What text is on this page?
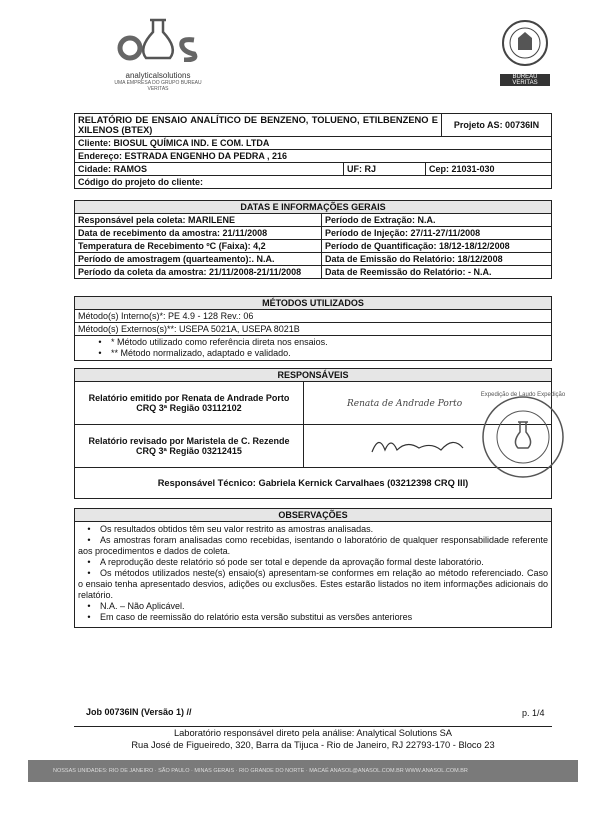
analyticalsolutions
UMA EMPRESA DO GRUPO BUREAU VERITAS
BUREAU
VERITAS
RELATÓRIO DE ENSAIO ANALÍTICO DE BENZENO, TOLUENO, ETILBENZENO E XILENOS (BTEX)	Projeto AS: 00736IN
Cliente: BIOSUL QUÍMICA IND. E COM. LTDA
Endereço: ESTRADA ENGENHO DA PEDRA , 216
Cidade: RAMOS	UF: RJ	Cep: 21031-030
Código do projeto do cliente:
DATAS E INFORMAÇÕES GERAIS	
Responsável pela coleta: MARILENE	Período de Extração: N.A.
Data de recebimento da amostra: 21/11/2008	Período de Injeção: 27/11-27/11/2008
Temperatura de Recebimento ºC (Faixa): 4,2	Período de Quantificação: 18/12-18/12/2008
Período de amostragem (quarteamento):. N.A.	Data de Emissão do Relatório: 18/12/2008
Período da coleta da amostra: 21/11/2008-21/11/2008	Data de Reemissão do Relatório: - N.A.
MÉTODOS UTILIZADOS
Método(s) Interno(s)*: PE 4.9 - 128 Rev.: 06
Método(s) Externos(s)**: USEPA 5021A, USEPA 8021B

• * Método utilizado como referência direta nos ensaios.
• ** Método normalizado, adaptado e validado.
RESPONSÁVEIS	

Relatório emitido por Renata de Andrade Porto
CRQ 3ª Região 03112102	Renata de Andrade Porto

Relatório revisado por Maristela de C. Rezende
CRQ 3ª Região 03212415

Responsável Técnico: Gabriela Kernick Carvalhaes (03212398 CRQ III)	
Expedição de Laudo Expedição
OBSERVAÇÕES

• Os resultados obtidos têm seu valor restrito as amostras analisadas.
• As amostras foram analisadas como recebidas, isentando o laboratório de qualquer responsabilidade referente aos procedimentos e dados de coleta.
• A reprodução deste relatório só pode ser total e depende da aprovação formal deste laboratório.
• Os métodos utilizados neste(s) ensaio(s) apresentam-se conformes em relação ao método referenciado. Caso o ensaio tenha apresentado desvios, adições ou exclusões. Estes estarão listados no item informações adicionais do relatório.
• N.A. – Não Aplicável.
• Em caso de reemissão do relatório esta versão substitui as versões anteriores
Job 00736IN (Versão 1) //	p. 1/4
Laboratório responsável direto pela análise: Analytical Solutions SA
Rua José de Figueiredo, 320, Barra da Tijuca - Rio de Janeiro, RJ 22793-170 - Bloco 23
NOSSAS UNIDADES: RIO DE JANEIRO · SÃO PAULO · MINAS GERAIS · RIO GRANDE DO NORTE · MACAÉ ANASOL@ANASOL.COM.BR WWW.ANASOL.COM.BR
